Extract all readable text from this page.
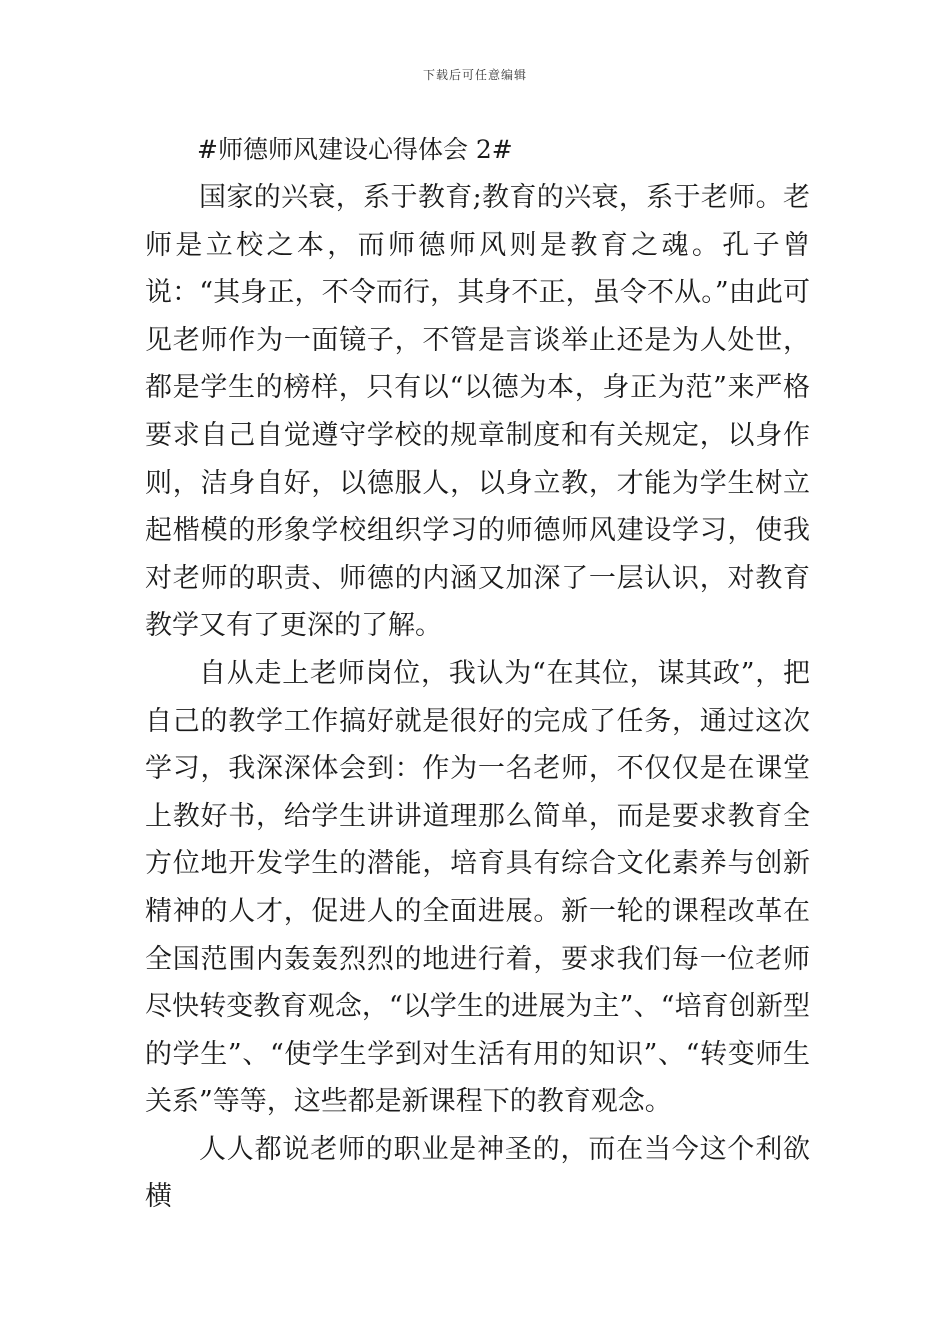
下载后可任意编辑
#师德师风建设心得体会 2#

国家的兴衰，系于教育;教育的兴衰，系于老师。老师是立校之本，而师德师风则是教育之魂。孔子曾说：“其身正，不令而行，其身不正，虽令不从。”由此可见老师作为一面镜子，不管是言谈举止还是为人处世，都是学生的榜样，只有以“以德为本，身正为范”来严格要求自己自觉遵守学校的规章制度和有关规定，以身作则，洁身自好，以德服人，以身立教，才能为学生树立起楷模的形象学校组织学习的师德师风建设学习，使我对老师的职责、师德的内涵又加深了一层认识，对教育教学又有了更深的了解。

自从走上老师岗位，我认为“在其位，谋其政”，把自己的教学工作搞好就是很好的完成了任务，通过这次学习，我深深体会到：作为一名老师，不仅仅是在课堂上教好书，给学生讲讲道理那么简单，而是要求教育全方位地开发学生的潜能，培育具有综合文化素养与创新精神的人才，促进人的全面进展。新一轮的课程改革在全国范围内轰轰烈烈的地进行着，要求我们每一位老师尽快转变教育观念，“以学生的进展为主”、“培育创新型的学生”、“使学生学到对生活有用的知识”、“转变师生关系”等等，这些都是新课程下的教育观念。

人人都说老师的职业是神圣的，而在当今这个利欲横
